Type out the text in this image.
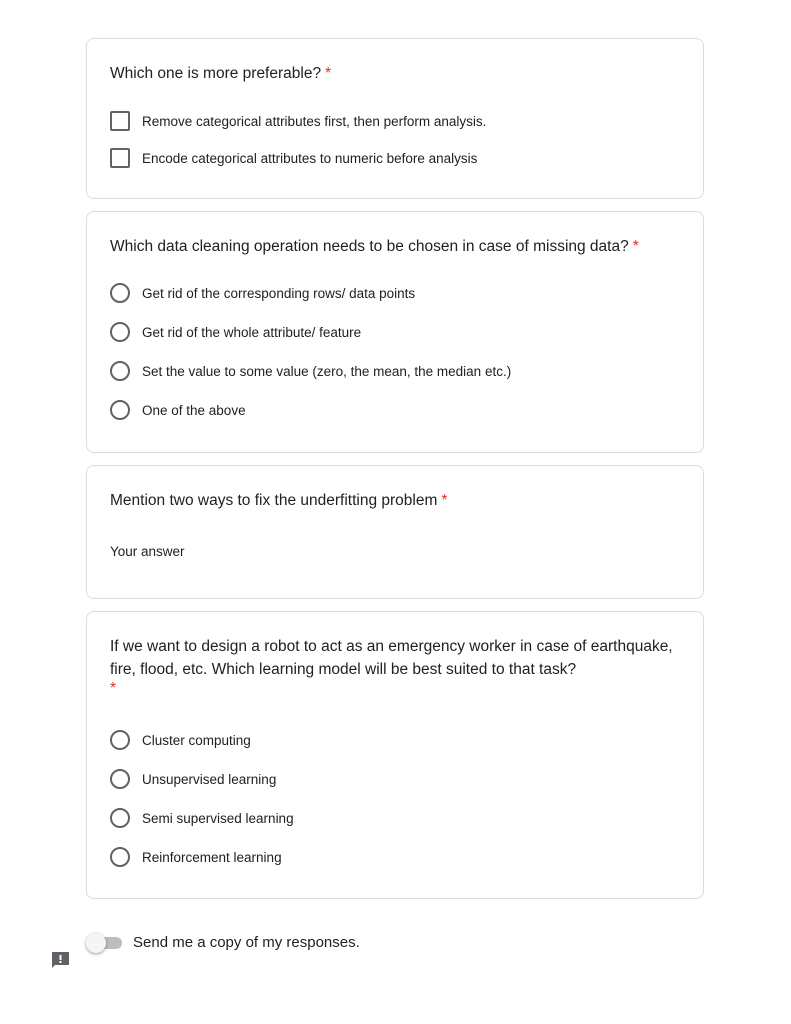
Which one is more preferable? *
Remove categorical attributes first, then perform analysis.
Encode categorical attributes to numeric before analysis
Which data cleaning operation needs to be chosen in case of missing data? *
Get rid of the corresponding rows/ data points
Get rid of the whole attribute/ feature
Set the value to some value (zero, the mean, the median etc.)
One of the above
Mention two ways to fix the underfitting problem *
Your answer
If we want to design a robot to act as an emergency worker in case of earthquake, fire, flood, etc. Which learning model will be best suited to that task?
*
Cluster computing
Unsupervised learning
Semi supervised learning
Reinforcement learning
Send me a copy of my responses.
